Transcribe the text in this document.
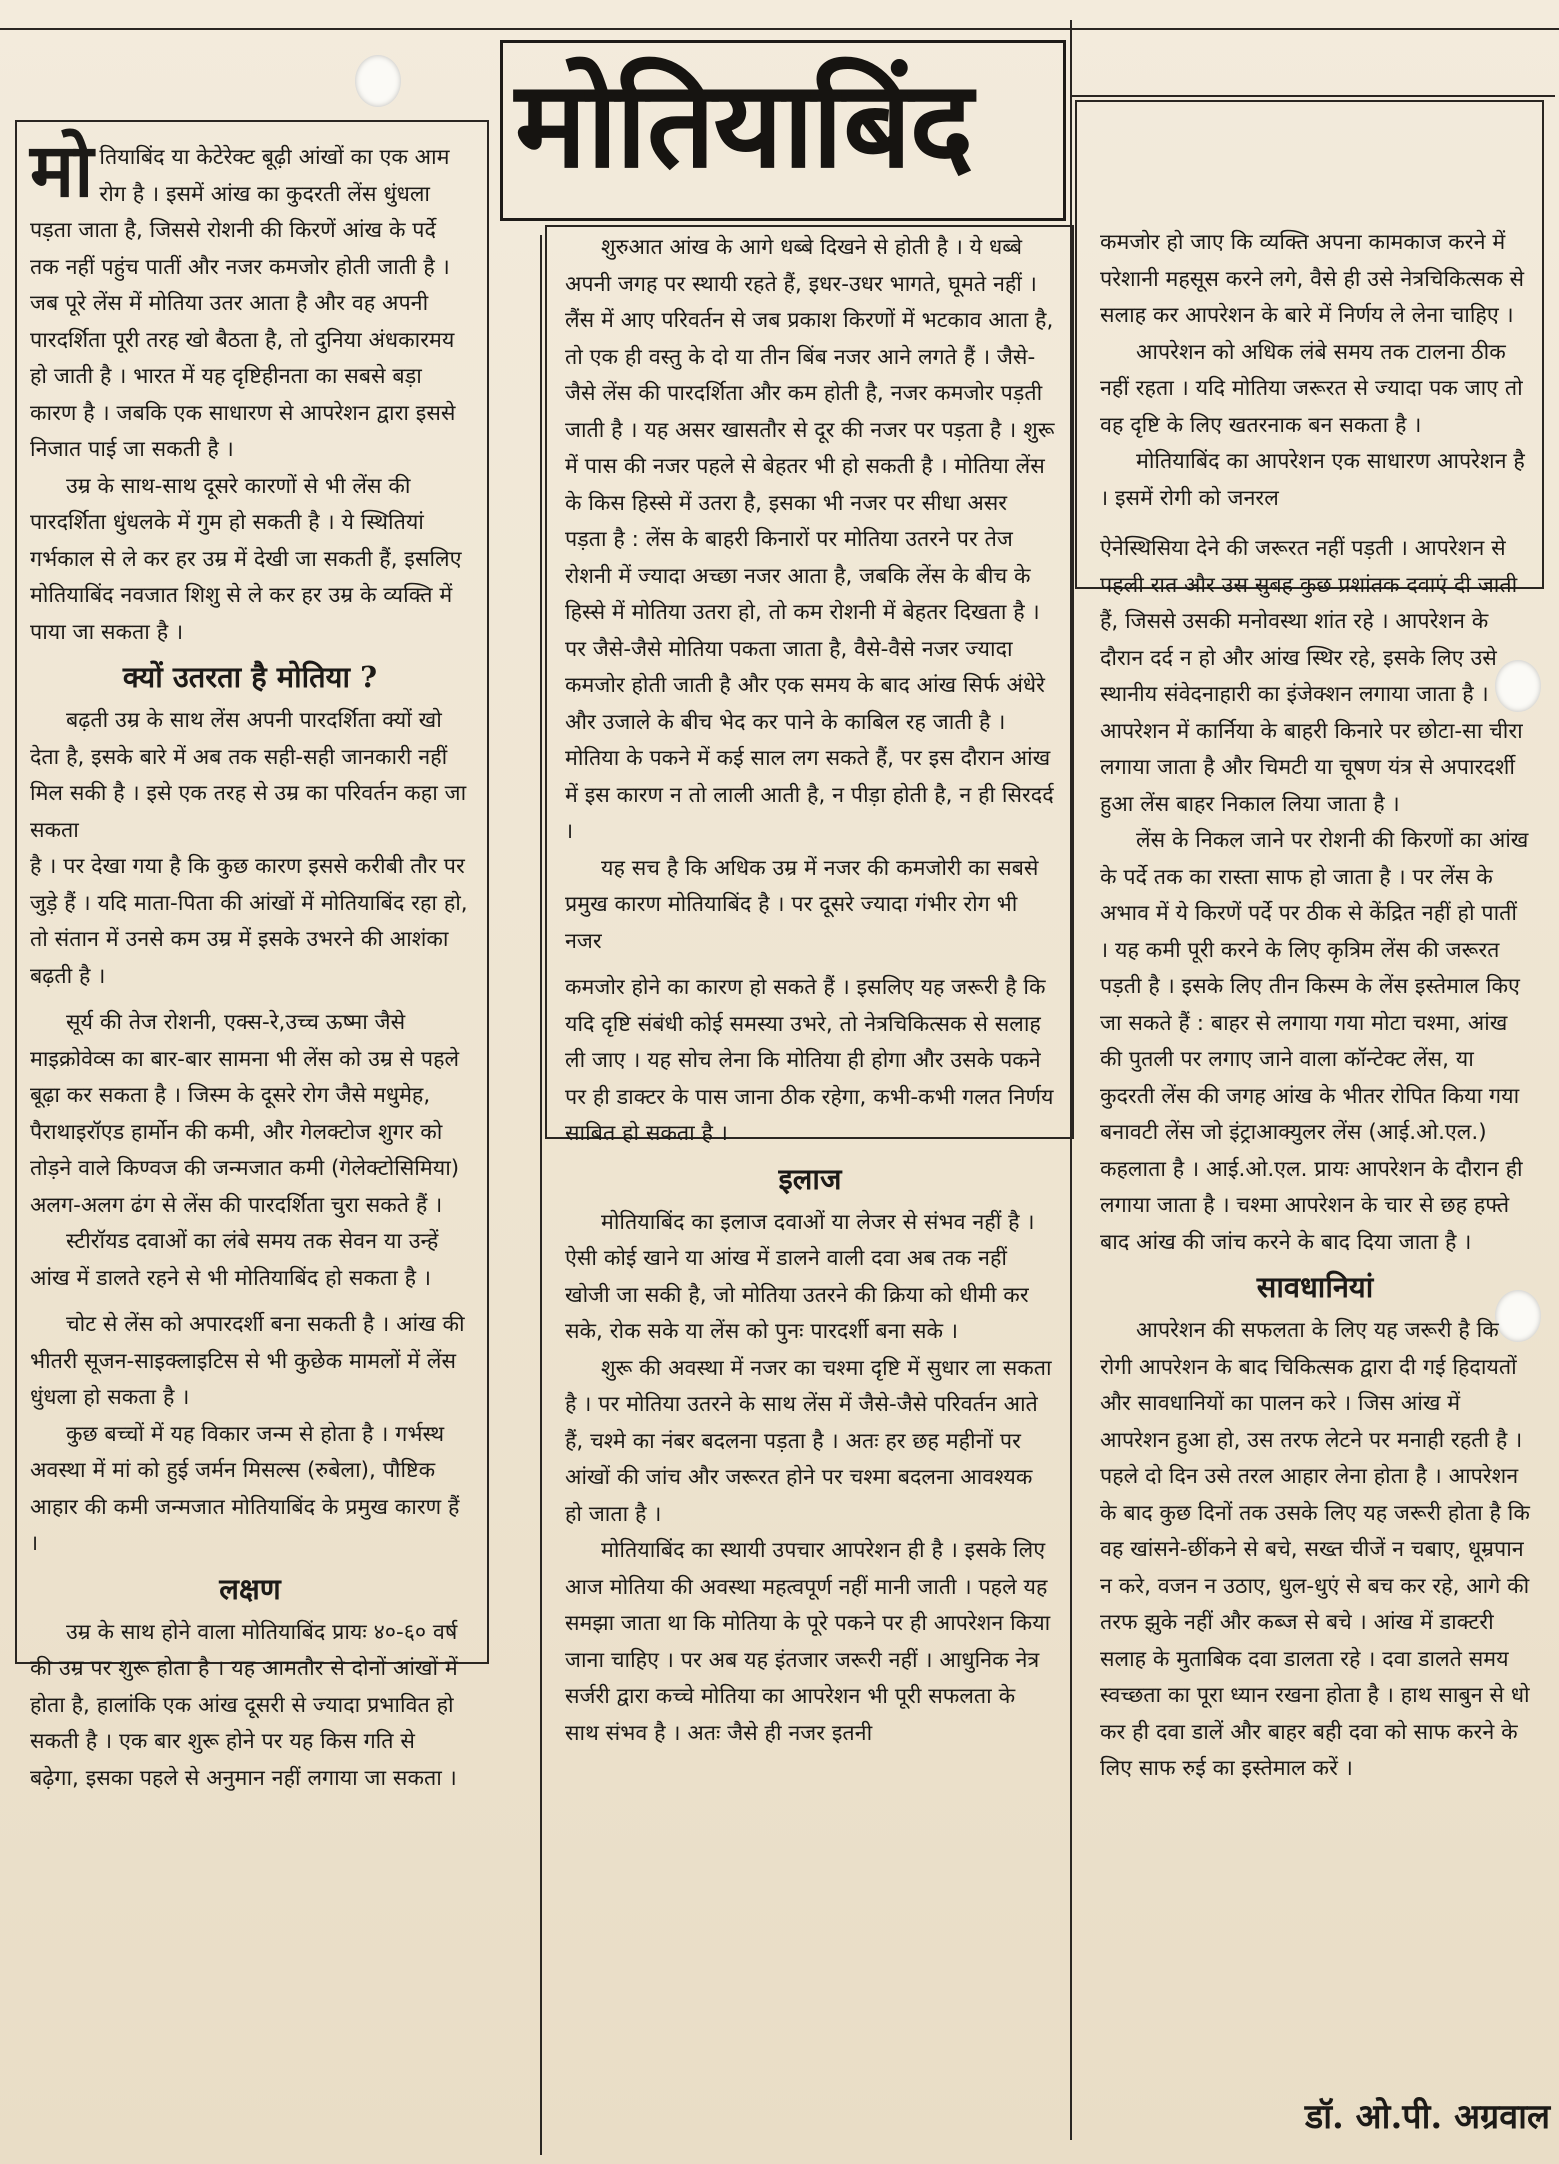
मोतियाबिंद

मोतियाबिंद या केटेरेक्ट बूढ़ी आंखों का एक आम रोग है । इसमें आंख का कुदरती लेंस धुंधला पड़ता जाता है, जिससे रोशनी की किरणें आंख के पर्दे तक नहीं पहुंच पातीं और नजर कमजोर होती जाती है । जब पूरे लेंस में मोतिया उतर आता है और वह अपनी पारदर्शिता पूरी तरह खो बैठता है, तो दुनिया अंधकारमय हो जाती है । भारत में यह दृष्टिहीनता का सबसे बड़ा कारण है । जबकि एक साधारण से आपरेशन द्वारा इससे निजात पाई जा सकती है ।

उम्र के साथ-साथ दूसरे कारणों से भी लेंस की पारदर्शिता धुंधलके में गुम हो सकती है । ये स्थितियां गर्भकाल से ले कर हर उम्र में देखी जा सकती हैं, इसलिए मोतियाबिंद नवजात शिशु से ले कर हर उम्र के व्यक्ति में पाया जा सकता है ।

क्यों उतरता है मोतिया ?

बढ़ती उम्र के साथ लेंस अपनी पारदर्शिता क्यों खो देता है, इसके बारे में अब तक सही-सही जानकारी नहीं मिल सकी है । इसे एक तरह से उम्र का परिवर्तन कहा जा सकता

है । पर देखा गया है कि कुछ कारण इससे करीबी तौर पर जुड़े हैं । यदि माता-पिता की आंखों में मोतियाबिंद रहा हो, तो संतान में उनसे कम उम्र में इसके उभरने की आशंका बढ़ती है ।

सूर्य की तेज रोशनी, एक्स-रे,उच्च ऊष्मा जैसे माइक्रोवेव्स का बार-बार सामना भी लेंस को उम्र से पहले बूढ़ा कर सकता है । जिस्म के दूसरे रोग जैसे मधुमेह, पैराथाइरॉएड हार्मोन की कमी, और गेलक्टोज शुगर को तोड़ने वाले किण्वज की जन्मजात कमी (गेलेक्टोसिमिया) अलग-अलग ढंग से लेंस की पारदर्शिता चुरा सकते हैं ।

स्टीरॉयड दवाओं का लंबे समय तक सेवन या उन्हें आंख में डालते रहने से भी मोतियाबिंद हो सकता है ।

चोट से लेंस को अपारदर्शी बना सकती है । आंख की भीतरी सूजन-साइक्लाइटिस से भी कुछेक मामलों में लेंस धुंधला हो सकता है ।

कुछ बच्चों में यह विकार जन्म से होता है । गर्भस्थ अवस्था में मां को हुई जर्मन मिसल्स (रुबेला), पौष्टिक आहार की कमी जन्मजात मोतियाबिंद के प्रमुख कारण हैं ।

लक्षण

उम्र के साथ होने वाला मोतियाबिंद प्रायः ४०-६० वर्ष की उम्र पर शुरू होता है । यह आमतौर से दोनों आंखों में होता है, हालांकि एक आंख दूसरी से ज्यादा प्रभावित हो सकती है । एक बार शुरू होने पर यह किस गति से बढ़ेगा, इसका पहले से अनुमान नहीं लगाया जा सकता ।

शुरुआत आंख के आगे धब्बे दिखने से होती है । ये धब्बे अपनी जगह पर स्थायी रहते हैं, इधर-उधर भागते, घूमते नहीं । लैंस में आए परिवर्तन से जब प्रकाश किरणों में भटकाव आता है, तो एक ही वस्तु के दो या तीन बिंब नजर आने लगते हैं । जैसे-जैसे लेंस की पारदर्शिता और कम होती है, नजर कमजोर पड़ती जाती है । यह असर खासतौर से दूर की नजर पर पड़ता है । शुरू में पास की नजर पहले से बेहतर भी हो सकती है । मोतिया लेंस के किस हिस्से में उतरा है, इसका भी नजर पर सीधा असर पड़ता है : लेंस के बाहरी किनारों पर मोतिया उतरने पर तेज रोशनी में ज्यादा अच्छा नजर आता है, जबकि लेंस के बीच के हिस्से में मोतिया उतरा हो, तो कम रोशनी में बेहतर दिखता है । पर जैसे-जैसे मोतिया पकता जाता है, वैसे-वैसे नजर ज्यादा कमजोर होती जाती है और एक समय के बाद आंख सिर्फ अंधेरे और उजाले के बीच भेद कर पाने के काबिल रह जाती है । मोतिया के पकने में कई साल लग सकते हैं, पर इस दौरान आंख में इस कारण न तो लाली आती है, न पीड़ा होती है, न ही सिरदर्द ।

यह सच है कि अधिक उम्र में नजर की कमजोरी का सबसे प्रमुख कारण मोतियाबिंद है । पर दूसरे ज्यादा गंभीर रोग भी नजर

कमजोर होने का कारण हो सकते हैं । इसलिए यह जरूरी है कि यदि दृष्टि संबंधी कोई समस्या उभरे, तो नेत्रचिकित्सक से सलाह ली जाए । यह सोच लेना कि मोतिया ही होगा और उसके पकने पर ही डाक्टर के पास जाना ठीक रहेगा, कभी-कभी गलत निर्णय साबित हो सकता है ।

इलाज

मोतियाबिंद का इलाज दवाओं या लेजर से संभव नहीं है । ऐसी कोई खाने या आंख में डालने वाली दवा अब तक नहीं खोजी जा सकी है, जो मोतिया उतरने की क्रिया को धीमी कर सके, रोक सके या लेंस को पुनः पारदर्शी बना सके ।

शुरू की अवस्था में नजर का चश्मा दृष्टि में सुधार ला सकता है । पर मोतिया उतरने के साथ लेंस में जैसे-जैसे परिवर्तन आते हैं, चश्मे का नंबर बदलना पड़ता है । अतः हर छह महीनों पर आंखों की जांच और जरूरत होने पर चश्मा बदलना आवश्यक हो जाता है ।

मोतियाबिंद का स्थायी उपचार आपरेशन ही है । इसके लिए आज मोतिया की अवस्था महत्वपूर्ण नहीं मानी जाती । पहले यह समझा जाता था कि मोतिया के पूरे पकने पर ही आपरेशन किया जाना चाहिए । पर अब यह इंतजार जरूरी नहीं । आधुनिक नेत्र सर्जरी द्वारा कच्चे मोतिया का आपरेशन भी पूरी सफलता के साथ संभव है । अतः जैसे ही नजर इतनी

कमजोर हो जाए कि व्यक्ति अपना कामकाज करने में परेशानी महसूस करने लगे, वैसे ही उसे नेत्रचिकित्सक से सलाह कर आपरेशन के बारे में निर्णय ले लेना चाहिए ।

आपरेशन को अधिक लंबे समय तक टालना ठीक नहीं रहता । यदि मोतिया जरूरत से ज्यादा पक जाए तो वह दृष्टि के लिए खतरनाक बन सकता है ।

मोतियाबिंद का आपरेशन एक साधारण आपरेशन है । इसमें रोगी को जनरल

ऐनेस्थिसिया देने की जरूरत नहीं पड़ती । आपरेशन से पहली रात और उस सुबह कुछ प्रशांतक दवाएं दी जाती हैं, जिससे उसकी मनोवस्था शांत रहे । आपरेशन के दौरान दर्द न हो और आंख स्थिर रहे, इसके लिए उसे स्थानीय संवेदनाहारी का इंजेक्शन लगाया जाता है । आपरेशन में कार्निया के बाहरी किनारे पर छोटा-सा चीरा लगाया जाता है और चिमटी या चूषण यंत्र से अपारदर्शी हुआ लेंस बाहर निकाल लिया जाता है ।

लेंस के निकल जाने पर रोशनी की किरणों का आंख के पर्दे तक का रास्ता साफ हो जाता है । पर लेंस के अभाव में ये किरणें पर्दे पर ठीक से केंद्रित नहीं हो पातीं । यह कमी पूरी करने के लिए कृत्रिम लेंस की जरूरत पड़ती है । इसके लिए तीन किस्म के लेंस इस्तेमाल किए जा सकते हैं : बाहर से लगाया गया मोटा चश्मा, आंख की पुतली पर लगाए जाने वाला कॉन्टेक्ट लेंस, या कुदरती लेंस की जगह आंख के भीतर रोपित किया गया बनावटी लेंस जो इंट्राआक्युलर लेंस (आई.ओ.एल.) कहलाता है । आई.ओ.एल. प्रायः आपरेशन के दौरान ही लगाया जाता है । चश्मा आपरेशन के चार से छह हफ्ते बाद आंख की जांच करने के बाद दिया जाता है ।

सावधानियां

आपरेशन की सफलता के लिए यह जरूरी है कि रोगी आपरेशन के बाद चिकित्सक द्वारा दी गई हिदायतों और सावधानियों का पालन करे । जिस आंख में आपरेशन हुआ हो, उस तरफ लेटने पर मनाही रहती है । पहले दो दिन उसे तरल आहार लेना होता है । आपरेशन के बाद कुछ दिनों तक उसके लिए यह जरूरी होता है कि वह खांसने-छींकने से बचे, सख्त चीजें न चबाए, धूम्रपान न करे, वजन न उठाए, धुल-धुएं से बच कर रहे, आगे की तरफ झुके नहीं और कब्ज से बचे । आंख में डाक्टरी सलाह के मुताबिक दवा डालता रहे । दवा डालते समय स्वच्छता का पूरा ध्यान रखना होता है । हाथ साबुन से धो कर ही दवा डालें और बाहर बही दवा को साफ करने के लिए साफ रुई का इस्तेमाल करें ।

डॉ. ओ.पी. अग्रवाल
